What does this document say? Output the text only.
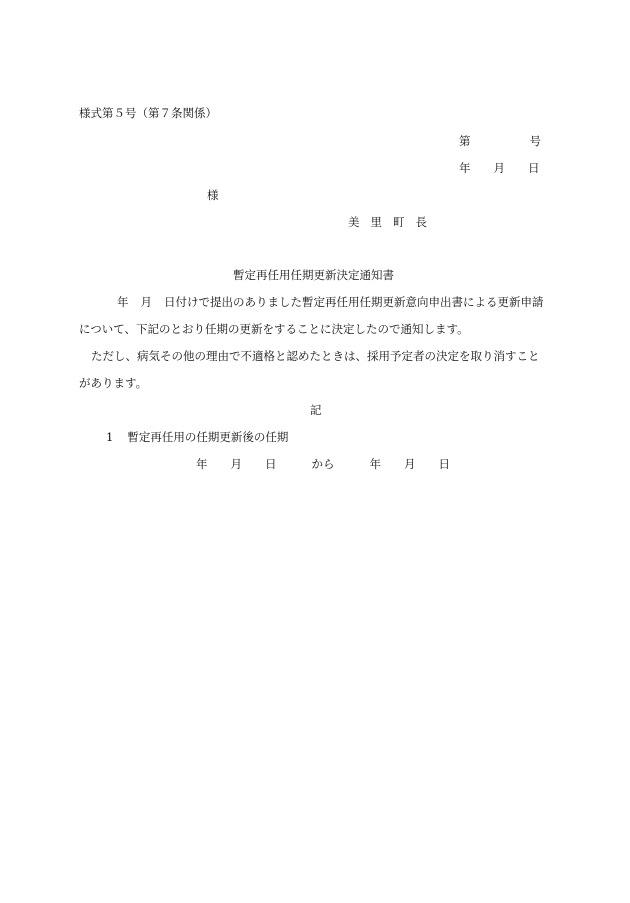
様式第５号（第７条関係）
第	号
年 月 日
様
美 里 町 長
暫定再任用任期更新決定通知書
年 月 日付けで提出のありました暫定再任用任期更新意向申出書による更新申請
について、下記のとおり任期の更新をすることに決定したので通知します。
ただし、病気その他の理由で不適格と認めたときは、採用予定者の決定を取り消すこと
があります。
記
1 暫定再任用の任期更新後の任期
年 月 日	から	年 月 日
